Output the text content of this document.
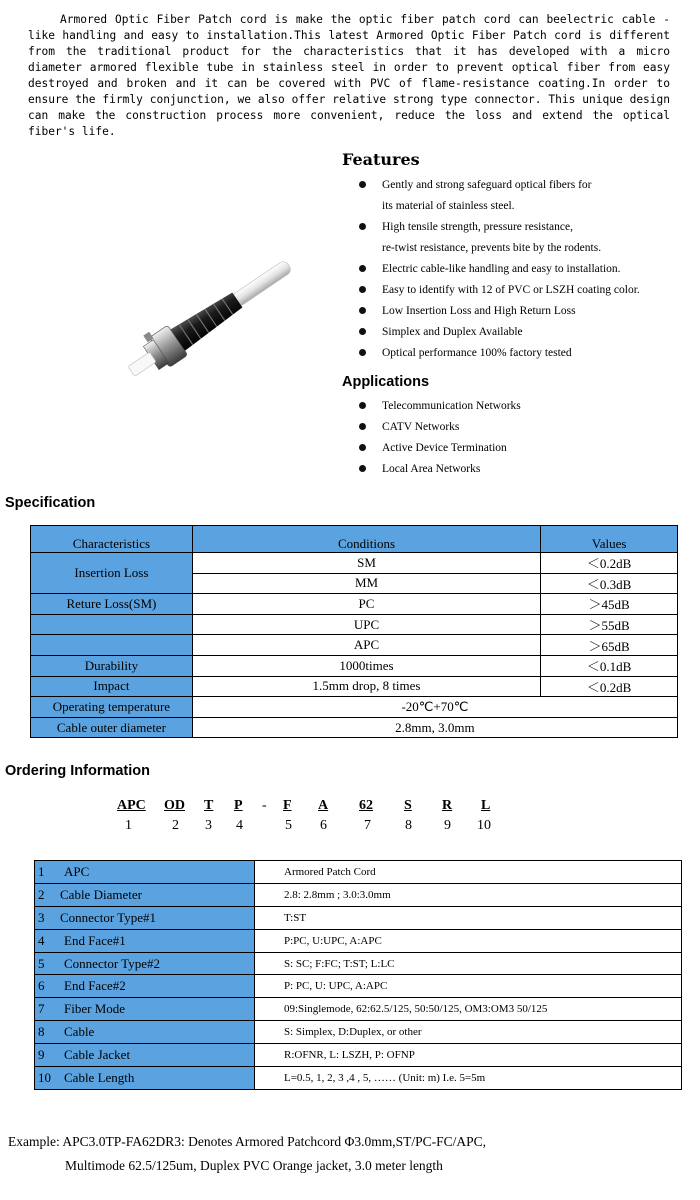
Armored Optic Fiber Patch cord is make the optic fiber patch cord can beelectric cable -like handling and easy to installation.This latest Armored Optic Fiber Patch cord is different from the traditional product for the characteristics that it has developed with a micro diameter armored flexible tube in stainless steel in order to prevent optical fiber from easy destroyed and broken and it can be covered with PVC of flame-resistance coating.In order to ensure the firmly conjunction, we also offer relative strong type connector. This unique design can make the construction process more convenient, reduce the loss and extend the optical fiber's life.

Features
Gently and strong safeguard optical fibers for
its material of stainless steel.
High tensile strength, pressure resistance,
re-twist resistance, prevents bite by the rodents.
Electric cable-like handling and easy to installation.
Easy to identify with 12 of PVC or LSZH coating color.
Low Insertion Loss and High Return Loss
Simplex and Duplex Available
Optical performance 100% factory tested
Applications
Telecommunication Networks
CATV Networks
Active Device Termination
Local Area Networks
Specification
Characteristics	Conditions	Values
Insertion Loss	SM	＜0.2dB
	MM	＜0.3dB
Reture Loss(SM)	PC	＞45dB
	UPC	＞55dB
	APC	＞65dB
Durability	1000times	＜0.1dB
Impact	1.5mm drop, 8 times	＜0.2dB
Operating temperature	-20℃+70℃	
Cable outer diameter	2.8mm, 3.0mm	
Ordering Information
APC OD T P - F A 62 S R L
1	2 3 4	5 6	7 8 9 10
1 APC	Armored Patch Cord
2 Cable Diameter	2.8: 2.8mm ; 3.0:3.0mm
3 Connector Type#1	T:ST
4 End Face#1	P:PC, U:UPC, A:APC
5 Connector Type#2	S: SC; F:FC; T:ST; L:LC
6 End Face#2	P: PC, U: UPC, A:APC
7 Fiber Mode	09:Singlemode, 62:62.5/125, 50:50/125, OM3:OM3 50/125
8 Cable	S: Simplex, D:Duplex, or other
9 Cable Jacket	R:OFNR, L: LSZH, P: OFNP
10 Cable Length	L=0.5, 1, 2, 3 ,4 , 5, …… (Unit: m) I.e. 5=5m
Example: APC3.0TP-FA62DR3: Denotes Armored Patchcord Φ3.0mm,ST/PC-FC/APC,
Multimode 62.5/125um, Duplex PVC Orange jacket, 3.0 meter length
